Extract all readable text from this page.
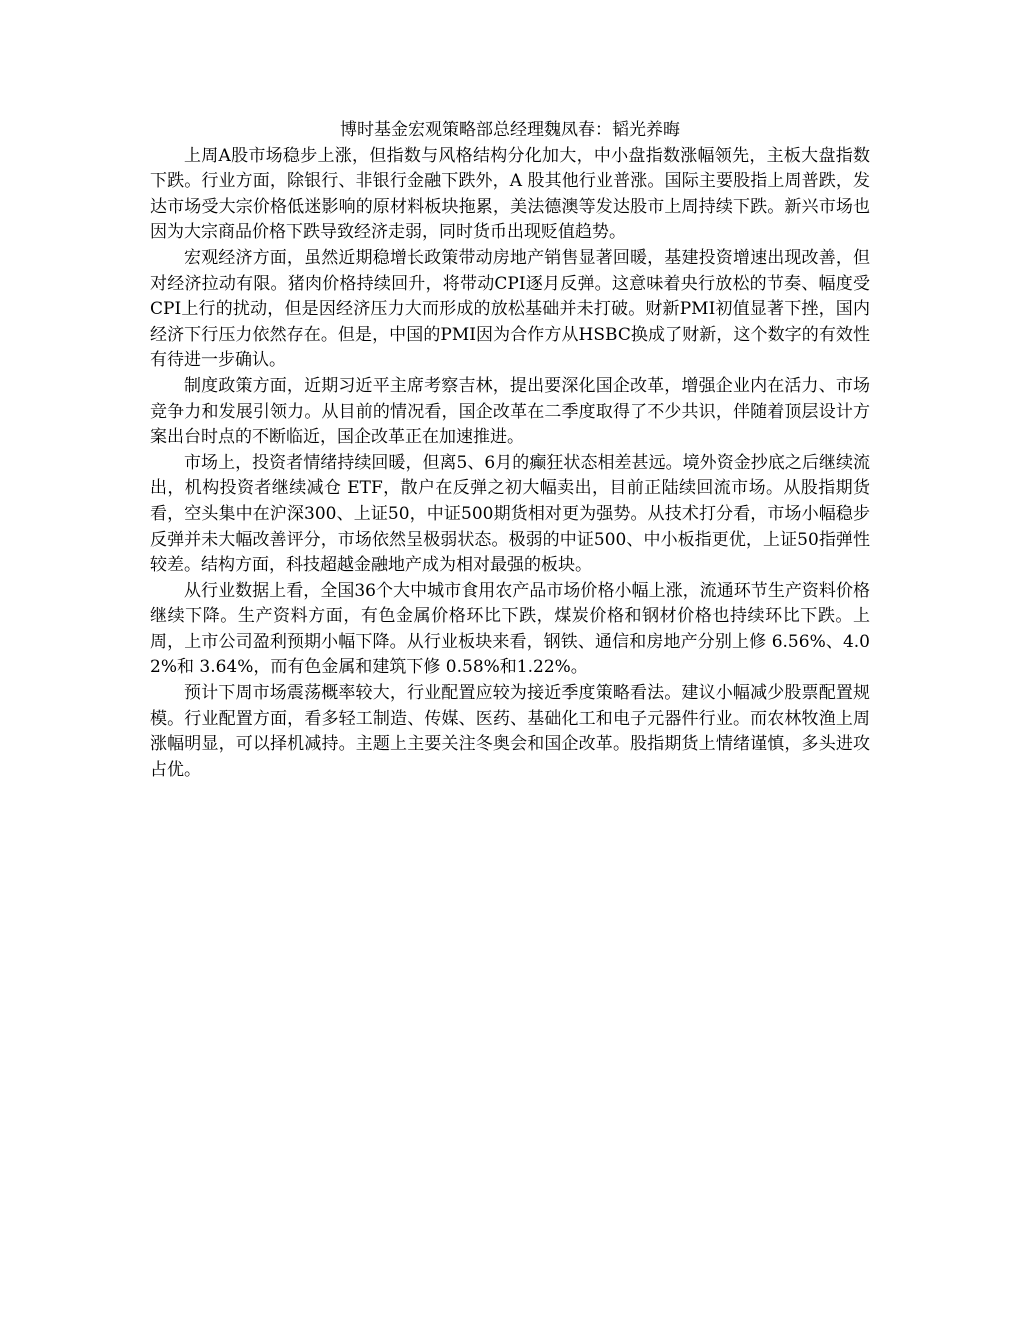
博时基金宏观策略部总经理魏凤春：韬光养晦

上周A股市场稳步上涨，但指数与风格结构分化加大，中小盘指数涨幅领先，主板大盘指数下跌。行业方面，除银行、非银行金融下跌外，A 股其他行业普涨。国际主要股指上周普跌，发达市场受大宗价格低迷影响的原材料板块拖累，美法德澳等发达股市上周持续下跌。新兴市场也因为大宗商品价格下跌导致经济走弱，同时货币出现贬值趋势。

宏观经济方面，虽然近期稳增长政策带动房地产销售显著回暖，基建投资增速出现改善，但对经济拉动有限。猪肉价格持续回升，将带动CPI逐月反弹。这意味着央行放松的节奏、幅度受CPI上行的扰动，但是因经济压力大而形成的放松基础并未打破。财新PMI初值显著下挫，国内经济下行压力依然存在。但是，中国的PMI因为合作方从HSBC换成了财新，这个数字的有效性有待进一步确认。

制度政策方面，近期习近平主席考察吉林，提出要深化国企改革，增强企业内在活力、市场竞争力和发展引领力。从目前的情况看，国企改革在二季度取得了不少共识，伴随着顶层设计方案出台时点的不断临近，国企改革正在加速推进。

市场上，投资者情绪持续回暖，但离5、6月的癫狂状态相差甚远。境外资金抄底之后继续流出，机构投资者继续减仓 ETF，散户在反弹之初大幅卖出，目前正陆续回流市场。从股指期货看，空头集中在沪深300、上证50，中证500期货相对更为强势。从技术打分看，市场小幅稳步反弹并未大幅改善评分，市场依然呈极弱状态。极弱的中证500、中小板指更优，上证50指弹性较差。结构方面，科技超越金融地产成为相对最强的板块。

从行业数据上看，全国36个大中城市食用农产品市场价格小幅上涨，流通环节生产资料价格继续下降。生产资料方面，有色金属价格环比下跌，煤炭价格和钢材价格也持续环比下跌。上周，上市公司盈利预期小幅下降。从行业板块来看，钢铁、通信和房地产分别上修 6.56%、4.02%和 3.64%，而有色金属和建筑下修 0.58%和1.22%。

预计下周市场震荡概率较大，行业配置应较为接近季度策略看法。建议小幅减少股票配置规模。行业配置方面，看多轻工制造、传媒、医药、基础化工和电子元器件行业。而农林牧渔上周涨幅明显，可以择机减持。主题上主要关注冬奥会和国企改革。股指期货上情绪谨慎，多头进攻占优。
